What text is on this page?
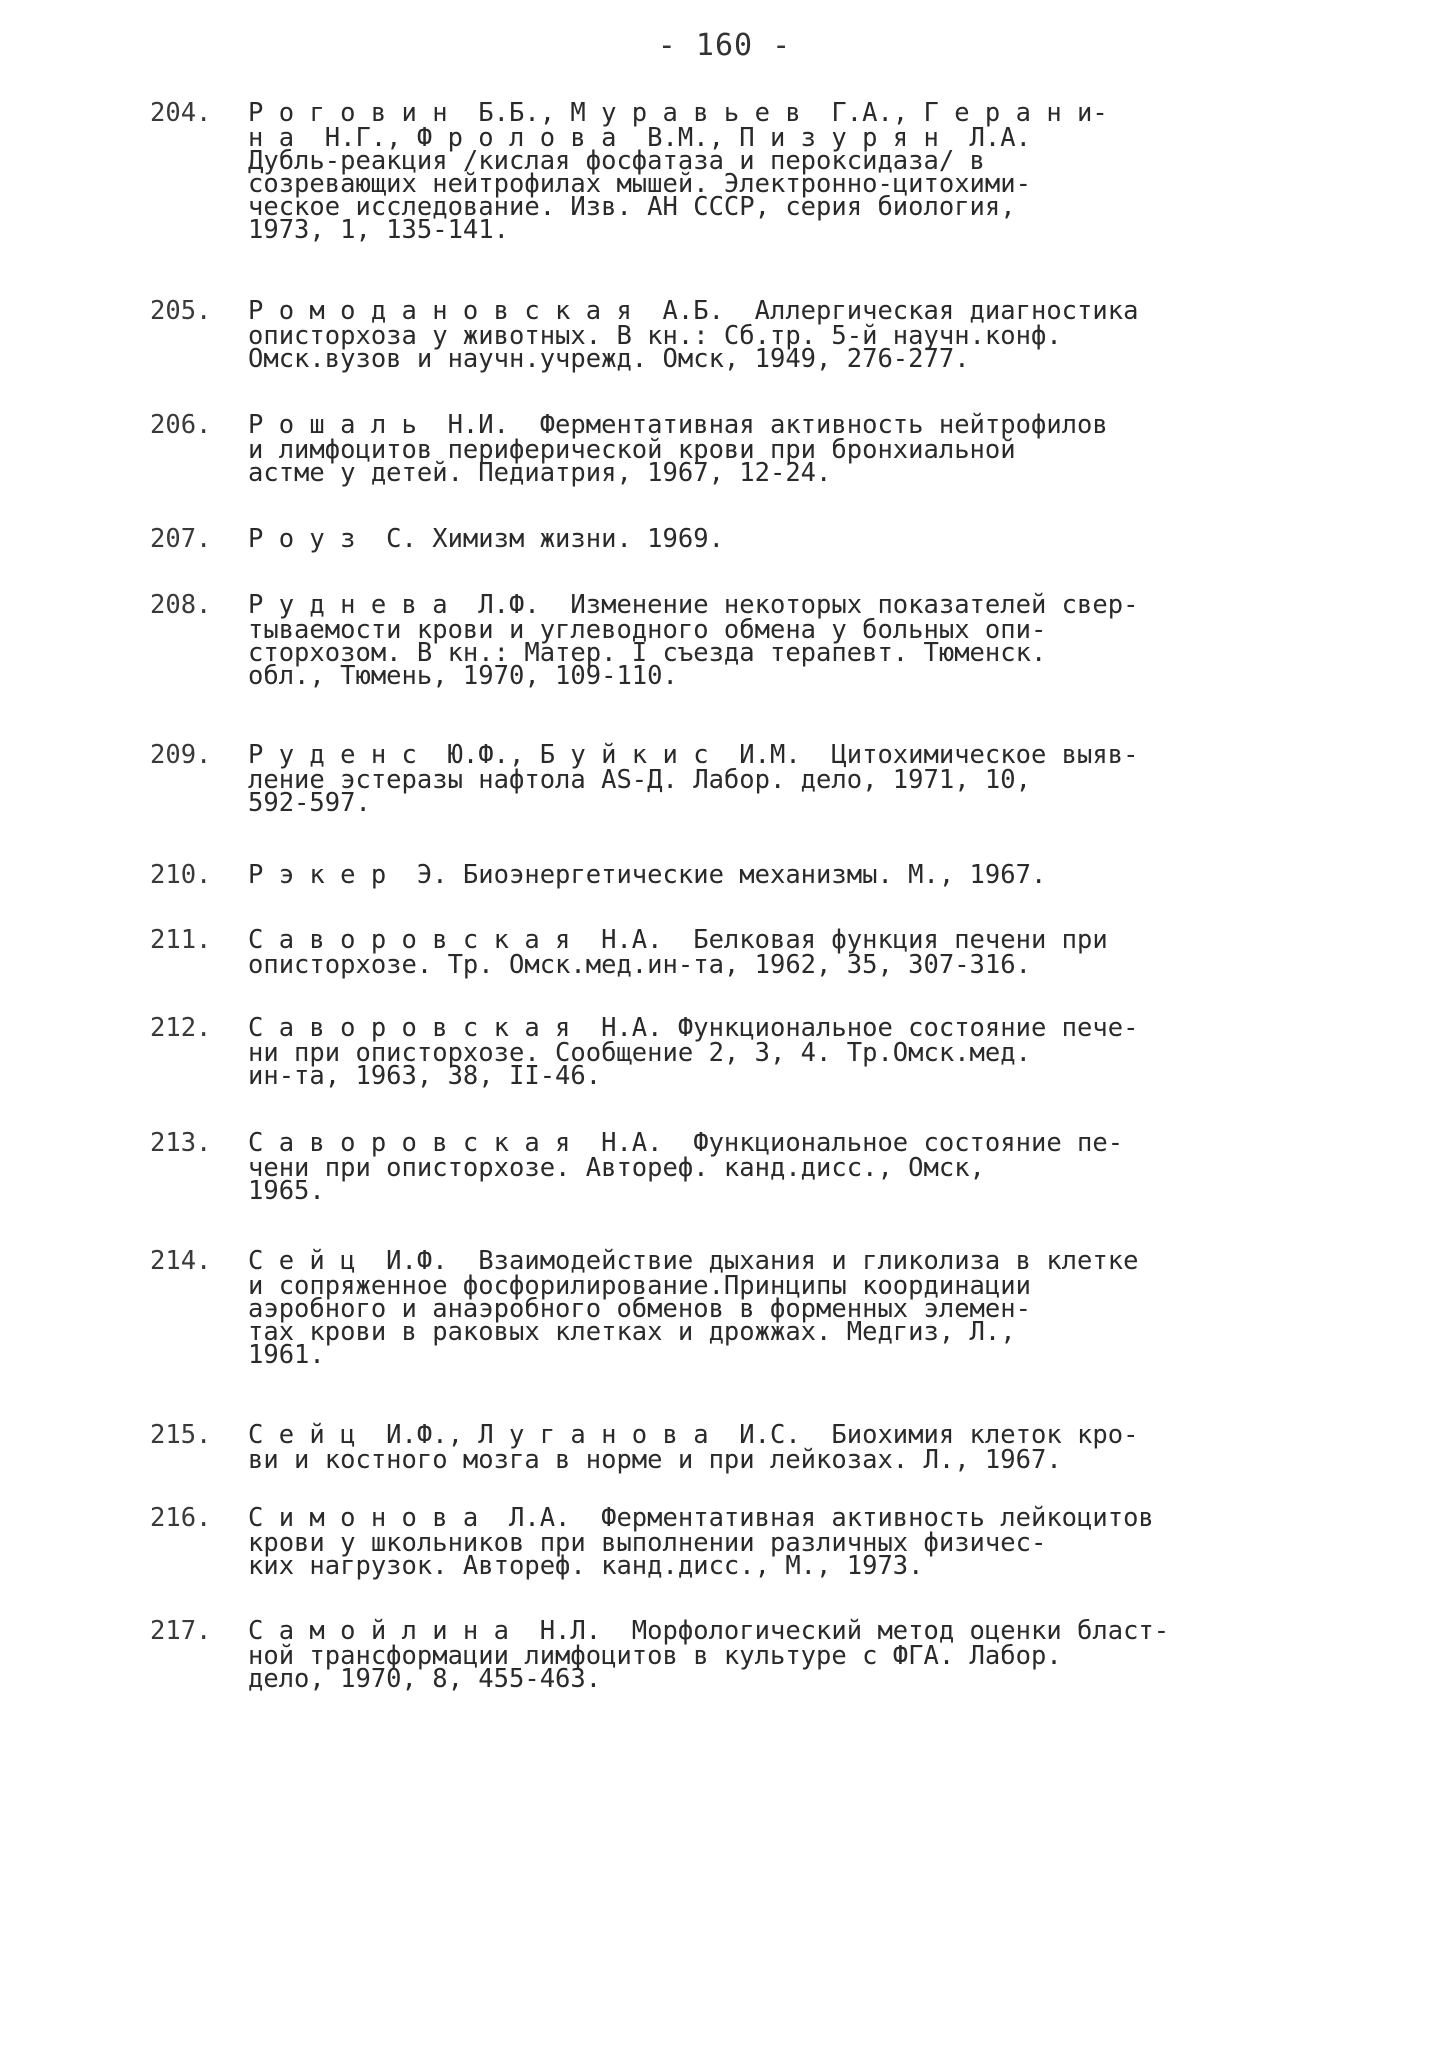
- 160 -
204.	Р о г о в и н  Б.Б., М у р а в ь е в  Г.А., Г е р а н и-
н а  Н.Г., Ф р о л о в а  В.М., П и з у р я н  Л.А.
Дубль-реакция /кислая фосфатаза и пероксидаза/ в
созревающих нейтрофилах мышей. Электронно-цитохими-
ческое исследование. Изв. АН СССР, серия биология,
1973, 1, 135-141.
205.	Р о м о д а н о в с к а я  А.Б.  Аллергическая диагностика
описторхоза у животных. В кн.: Сб.тр. 5-й научн.конф.
Омск.вузов и научн.учрежд. Омск, 1949, 276-277.
206.	Р о ш а л ь  Н.И.  Ферментативная активность нейтрофилов
и лимфоцитов периферической крови при бронхиальной
астме у детей. Педиатрия, 1967, 12-24.
207.	Р о у з  С. Химизм жизни. 1969.
208.	Р у д н е в а  Л.Ф.  Изменение некоторых показателей свер-
тываемости крови и углеводного обмена у больных опи-
сторхозом. В кн.: Матер. I съезда терапевт. Тюменск.
обл., Тюмень, 1970, 109-110.
209.	Р у д е н с  Ю.Ф., Б у й к и с  И.М.  Цитохимическое выяв-
ление эстеразы нафтола АS-Д. Лабор. дело, 1971, 10,
592-597.
210.	Р э к е р  Э. Биоэнергетические механизмы. М., 1967.
211.	С а в о р о в с к а я  Н.А.  Белковая функция печени при
описторхозе. Тр. Омск.мед.ин-та, 1962, 35, 307-316.
212.	С а в о р о в с к а я  Н.А. Функциональное состояние пече-
ни при описторхозе. Сообщение 2, 3, 4. Тр.Омск.мед.
ин-та, 1963, 38, II-46.
213.	С а в о р о в с к а я  Н.А.  Функциональное состояние пе-
чени при описторхозе. Автореф. канд.дисс., Омск,
1965.
214.	С е й ц  И.Ф.  Взаимодействие дыхания и гликолиза в клетке
и сопряженное фосфорилирование.Принципы координации
аэробного и анаэробного обменов в форменных элемен-
тах крови в раковых клетках и дрожжах. Медгиз, Л.,
1961.
215.	С е й ц  И.Ф., Л у г а н о в а  И.С.  Биохимия клеток кро-
ви и костного мозга в норме и при лейкозах. Л., 1967.
216.	С и м о н о в а  Л.А.  Ферментативная активность лейкоцитов
крови у школьников при выполнении различных физичес-
ких нагрузок. Автореф. канд.дисс., М., 1973.
217.	С а м о й л и н а  Н.Л.  Морфологический метод оценки бласт-
ной трансформации лимфоцитов в культуре с ФГА. Лабор.
дело, 1970, 8, 455-463.
